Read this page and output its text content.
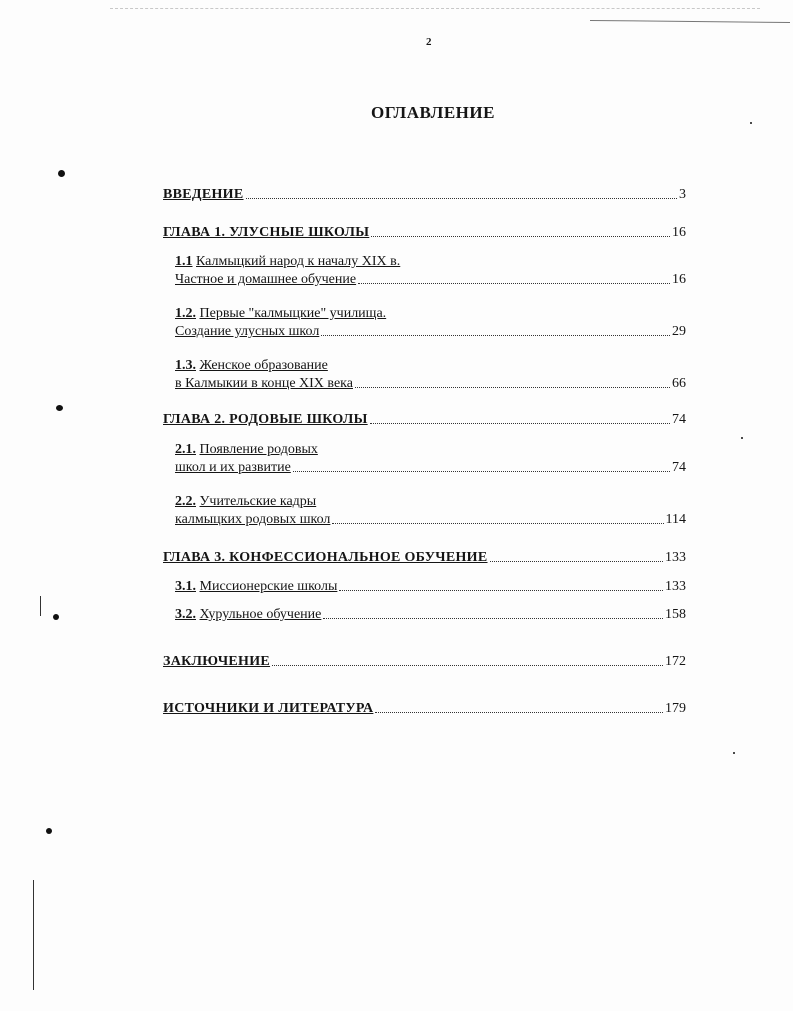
2
ОГЛАВЛЕНИЕ
ВВЕДЕНИЕ	3
ГЛАВА 1. УЛУСНЫЕ ШКОЛЫ	16
1.1 Калмыцкий народ к началу XIX в.
Частное и домашнее обучение	16
1.2. Первые "калмыцкие" училища.
Создание улусных школ	29
1.3. Женское образование
в Калмыкии в конце XIX века	66
ГЛАВА 2. РОДОВЫЕ ШКОЛЫ	74
2.1. Появление родовых
школ и их развитие	74
2.2. Учительские кадры
калмыцких родовых школ	114
ГЛАВА 3. КОНФЕССИОНАЛЬНОЕ ОБУЧЕНИЕ	133
3.1. Миссионерские школы	133
3.2. Хурульное обучение	158
ЗАКЛЮЧЕНИЕ	172
ИСТОЧНИКИ И ЛИТЕРАТУРА	179
